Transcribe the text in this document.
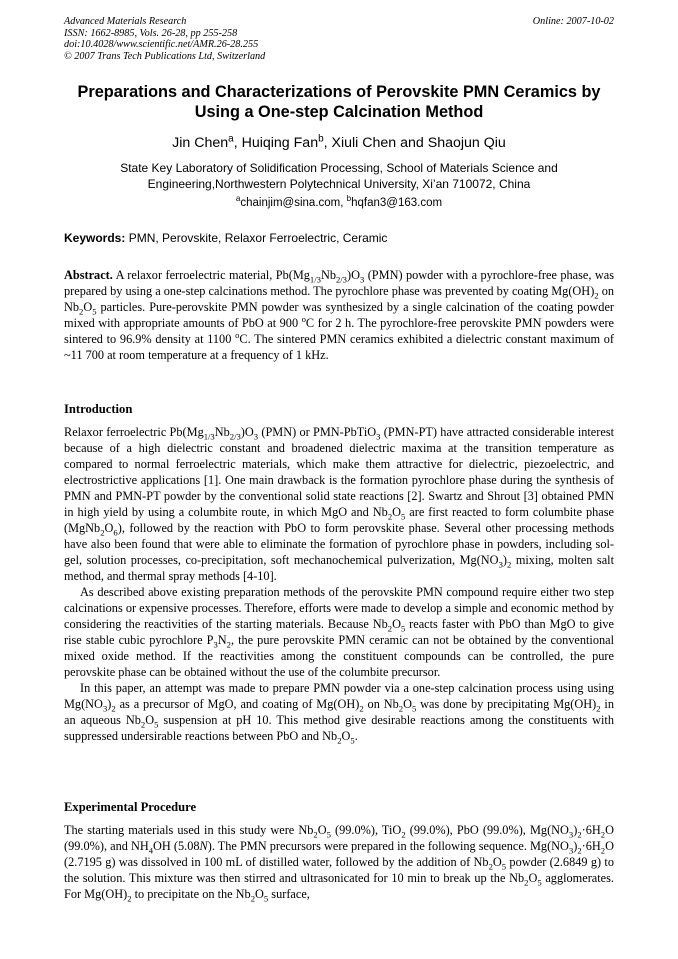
Advanced Materials Research	Online: 2007-10-02
ISSN: 1662-8985, Vols. 26-28, pp 255-258
doi:10.4028/www.scientific.net/AMR.26-28.255
© 2007 Trans Tech Publications Ltd, Switzerland
Preparations and Characterizations of Perovskite PMN Ceramics by
Using a One-step Calcination Method
Jin Chen$^a$, Huiqing Fan$^b$, Xiuli Chen and Shaojun Qiu
State Key Laboratory of Solidification Processing, School of Materials Science and
Engineering,Northwestern Polytechnical University, Xi’an 710072, China
$^a$chainjim@sina.com, $^b$hqfan3@163.com
Keywords: PMN, Perovskite, Relaxor Ferroelectric, Ceramic

Abstract. A relaxor ferroelectric material, $Pb(Mg_{1/3}Nb_{2/3})O_3$ (PMN) powder with a pyrochlore-free phase, was prepared by using a one-step calcinations method. The pyrochlore phase was prevented by coating $Mg(OH)_2$ on $Nb_2O_5$ particles. Pure-perovskite PMN powder was synthesized by a single calcination of the coating powder mixed with appropriate amounts of PbO at 900 $^o$C for 2 h. The pyrochlore-free perovskite PMN powders were sintered to 96.9% density at 1100 $^o$C. The sintered PMN ceramics exhibited a dielectric constant maximum of ~11 700 at room temperature at a frequency of 1 kHz.

Introduction

Relaxor ferroelectric $Pb(Mg_{1/3}Nb_{2/3})O_3$ (PMN) or PMN-PbTiO$_3$ (PMN-PT) have attracted considerable interest because of a high dielectric constant and broadened dielectric maxima at the transition temperature as compared to normal ferroelectric materials, which make them attractive for dielectric, piezoelectric, and electrostrictive applications [1]. One main drawback is the formation pyrochlore phase during the synthesis of PMN and PMN-PT powder by the conventional solid state reactions [2]. Swartz and Shrout [3] obtained PMN in high yield by using a columbite route, in which MgO and $Nb_2O_5$ are first reacted to form columbite phase $(MgNb_2O_6)$, followed by the reaction with PbO to form perovskite phase. Several other processing methods have also been found that were able to eliminate the formation of pyrochlore phase in powders, including sol-gel, solution processes, co-precipitation, soft mechanochemical pulverization, $Mg(NO_3)_2$ mixing, molten salt method, and thermal spray methods [4-10].

As described above existing preparation methods of the perovskite PMN compound require either two step calcinations or expensive processes. Therefore, efforts were made to develop a simple and economic method by considering the reactivities of the starting materials. Because $Nb_2O_5$ reacts faster with PbO than MgO to give rise stable cubic pyrochlore $P_3N_2$, the pure perovskite PMN ceramic can not be obtained by the conventional mixed oxide method. If the reactivities among the constituent compounds can be controlled, the pure perovskite phase can be obtained without the use of the columbite precursor.

In this paper, an attempt was made to prepare PMN powder via a one-step calcination process using using $Mg(NO_3)_2$ as a precursor of MgO, and coating of $Mg(OH)_2$ on $Nb_2O_5$ was done by precipitating $Mg(OH)_2$ in an aqueous $Nb_2O_5$ suspension at pH 10. This method give desirable reactions among the constituents with suppressed undersirable reactions between PbO and $Nb_2O_5$.

Experimental Procedure

The starting materials used in this study were $Nb_2O_5$ (99.0%), TiO$_2$ (99.0%), PbO (99.0%), $Mg(NO_3)_2\cdot 6H_2O$ (99.0%), and $NH_4OH$ (5.08N). The PMN precursors were prepared in the following sequence. $Mg(NO_3)_2\cdot 6H_2O$ (2.7195 g) was dissolved in 100 mL of distilled water, followed by the addition of $Nb_2O_5$ powder (2.6849 g) to the solution. This mixture was then stirred and ultrasonicated for 10 min to break up the $Nb_2O_5$ agglomerates. For $Mg(OH)_2$ to precipitate on the $Nb_2O_5$ surface,
